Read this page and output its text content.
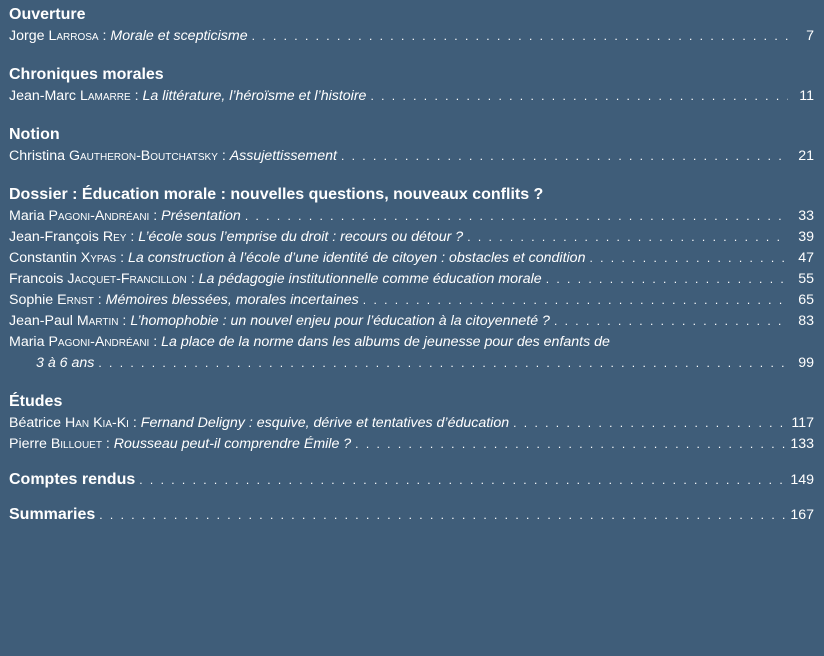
Ouverture
Jorge Larrosa : Morale et scepticisme . . .	7
Chroniques morales
Jean-Marc Lamarre : La littérature, l’héroïsme et l’histoire . . .	11
Notion
Christina Gautheron-Boutchatsky : Assujettissement . . .	21
Dossier : Éducation morale : nouvelles questions, nouveaux conflits ?
Maria Pagoni-Andréani : Présentation . . .	33
Jean-François Rey : L’école sous l’emprise du droit : recours ou détour ? . . .	39
Constantin Xypas : La construction à l’école d’une identité de citoyen : obstacles et condition . . .	47
Francois Jacquet-Francillon : La pédagogie institutionnelle comme éducation morale . . .	55
Sophie Ernst : Mémoires blessées, morales incertaines . . .	65
Jean-Paul Martin : L’homophobie : un nouvel enjeu pour l’éducation à la citoyenneté ? . . .	83
Maria Pagoni-Andréani : La place de la norme dans les albums de jeunesse pour des enfants de
3 à 6 ans . . .	99
Études
Béatrice Han Kia-Ki : Fernand Deligny : esquive, dérive et tentatives d’éducation . . .	117
Pierre Billouet : Rousseau peut-il comprendre Émile ? . . .	133
Comptes rendus . . .	149
Summaries . . .	167
